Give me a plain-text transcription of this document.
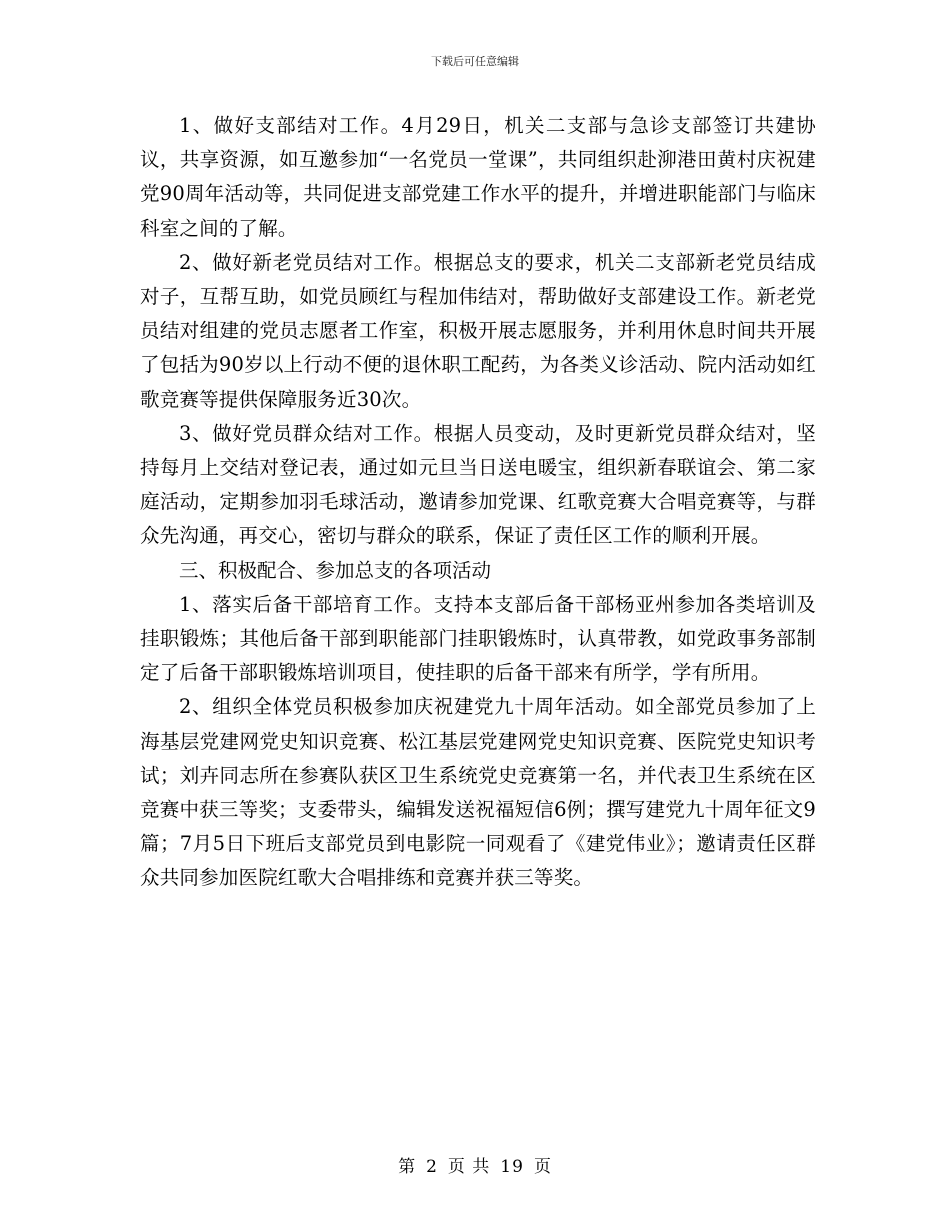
下载后可任意编辑

1、做好支部结对工作。4月29日，机关二支部与急诊支部签订共建协议，共享资源，如互邀参加“一名党员一堂课”，共同组织赴泖港田黄村庆祝建党90周年活动等，共同促进支部党建工作水平的提升，并增进职能部门与临床科室之间的了解。

2、做好新老党员结对工作。根据总支的要求，机关二支部新老党员结成对子，互帮互助，如党员顾红与程加伟结对，帮助做好支部建设工作。新老党员结对组建的党员志愿者工作室，积极开展志愿服务，并利用休息时间共开展了包括为90岁以上行动不便的退休职工配药，为各类义诊活动、院内活动如红歌竞赛等提供保障服务近30次。

3、做好党员群众结对工作。根据人员变动，及时更新党员群众结对，坚持每月上交结对登记表，通过如元旦当日送电暖宝，组织新春联谊会、第二家庭活动，定期参加羽毛球活动，邀请参加党课、红歌竞赛大合唱竞赛等，与群众先沟通，再交心，密切与群众的联系，保证了责任区工作的顺利开展。

三、积极配合、参加总支的各项活动

1、落实后备干部培育工作。支持本支部后备干部杨亚州参加各类培训及挂职锻炼；其他后备干部到职能部门挂职锻炼时，认真带教，如党政事务部制定了后备干部职锻炼培训项目，使挂职的后备干部来有所学，学有所用。

2、组织全体党员积极参加庆祝建党九十周年活动。如全部党员参加了上海基层党建网党史知识竞赛、松江基层党建网党史知识竞赛、医院党史知识考试；刘卉同志所在参赛队获区卫生系统党史竞赛第一名，并代表卫生系统在区竞赛中获三等奖；支委带头，编辑发送祝福短信6例；撰写建党九十周年征文9篇；7月5日下班后支部党员到电影院一同观看了《建党伟业》；邀请责任区群众共同参加医院红歌大合唱排练和竞赛并获三等奖。

第 2 页 共 19 页
